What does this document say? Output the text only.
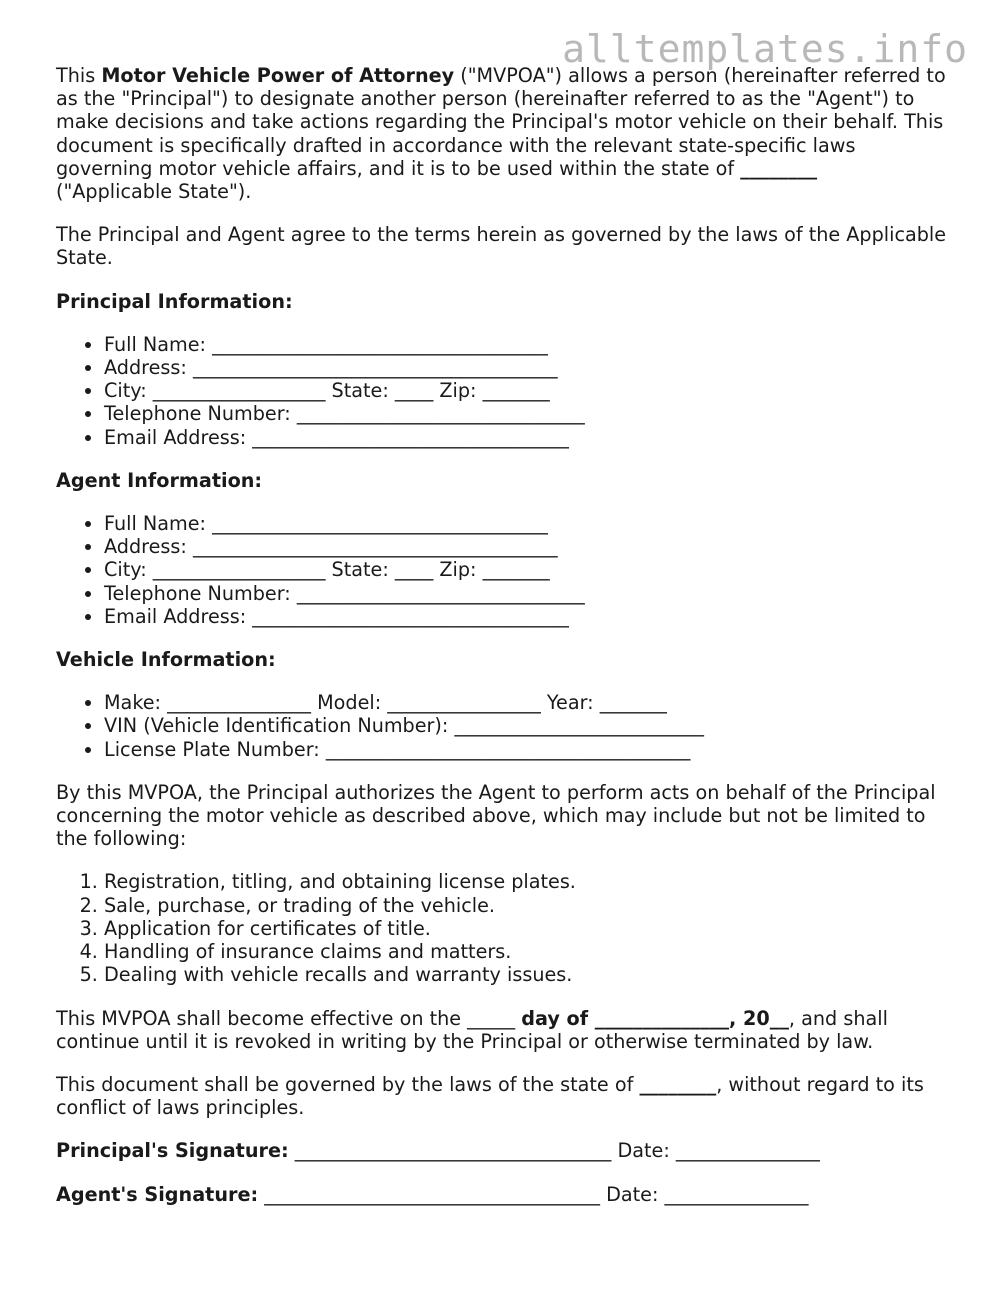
alltemplates.info

This Motor Vehicle Power of Attorney ("MVPOA") allows a person (hereinafter referred to as the "Principal") to designate another person (hereinafter referred to as the "Agent") to make decisions and take actions regarding the Principal's motor vehicle on their behalf. This document is specifically drafted in accordance with the relevant state-specific laws governing motor vehicle affairs, and it is to be used within the state of ________
("Applicable State").

The Principal and Agent agree to the terms herein as governed by the laws of the Applicable State.

Principal Information:
• Full Name: ___________________________________
• Address: ______________________________________
• City: __________________ State: ____ Zip: _______
• Telephone Number: ______________________________
• Email Address: _________________________________
Agent Information:
• Full Name: ___________________________________
• Address: ______________________________________
• City: __________________ State: ____ Zip: _______
• Telephone Number: ______________________________
• Email Address: _________________________________
Vehicle Information:
• Make: _______________ Model: ________________ Year: _______
• VIN (Vehicle Identification Number): __________________________
• License Plate Number: ______________________________________

By this MVPOA, the Principal authorizes the Agent to perform acts on behalf of the Principal concerning the motor vehicle as described above, which may include but not be limited to the following:

1. Registration, titling, and obtaining license plates.
2. Sale, purchase, or trading of the vehicle.
3. Application for certificates of title.
4. Handling of insurance claims and matters.
5. Dealing with vehicle recalls and warranty issues.

This MVPOA shall become effective on the _____ day of ______________, 20__, and shall continue until it is revoked in writing by the Principal or otherwise terminated by law.

This document shall be governed by the laws of the state of ________, without regard to its conflict of laws principles.

Principal's Signature: _________________________________ Date: _______________
Agent's Signature: ___________________________________ Date: _______________
